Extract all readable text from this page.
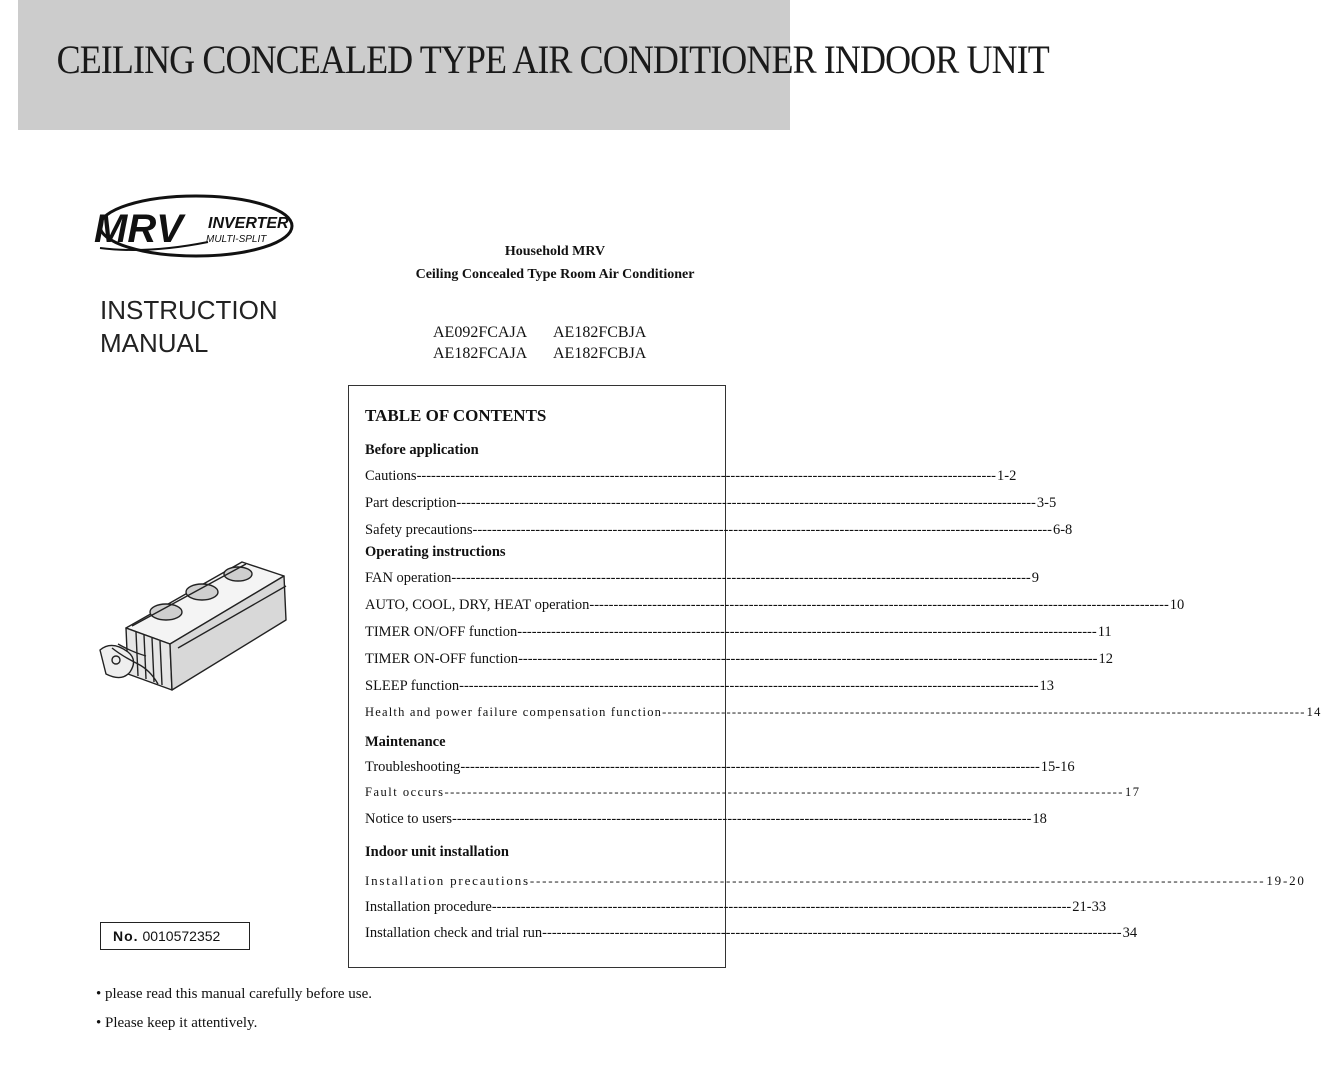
CEILING CONCEALED TYPE AIR CONDITIONER INDOOR UNIT
MRV INVERTER
MULTI-SPLIT
INSTRUCTION
MANUAL
Household MRV
Ceiling Concealed Type Room Air Conditioner
AE092FCAJA AE182FCBJA
AE182FCAJA AE182FCBJA
TABLE OF CONTENTS
Before application
Cautions ------------------------------------------------------------------------------------------------------------------------ 1-2
Part description ------------------------------------------------------------------------------------------------------------------------ 3-5
Safety precautions ------------------------------------------------------------------------------------------------------------------------ 6-8
Operating instructions
FAN operation ------------------------------------------------------------------------------------------------------------------------ 9
AUTO, COOL, DRY, HEAT operation ------------------------------------------------------------------------------------------------------------------------ 10
TIMER ON/OFF function ------------------------------------------------------------------------------------------------------------------------ 11
TIMER ON-OFF function ------------------------------------------------------------------------------------------------------------------------ 12
SLEEP function ------------------------------------------------------------------------------------------------------------------------ 13
Health and power failure compensation function ------------------------------------------------------------------------------------------------------------------------ 14
Maintenance
Troubleshooting ------------------------------------------------------------------------------------------------------------------------ 15-16
Fault occurs ------------------------------------------------------------------------------------------------------------------------ 17
Notice to users ------------------------------------------------------------------------------------------------------------------------ 18
Indoor unit installation
Installation precautions ------------------------------------------------------------------------------------------------------------------------ 19-20
Installation procedure ------------------------------------------------------------------------------------------------------------------------ 21-33
Installation check and trial run ------------------------------------------------------------------------------------------------------------------------ 34
No. 0010572352
• please read this manual carefully before use.
• Please keep it attentively.
